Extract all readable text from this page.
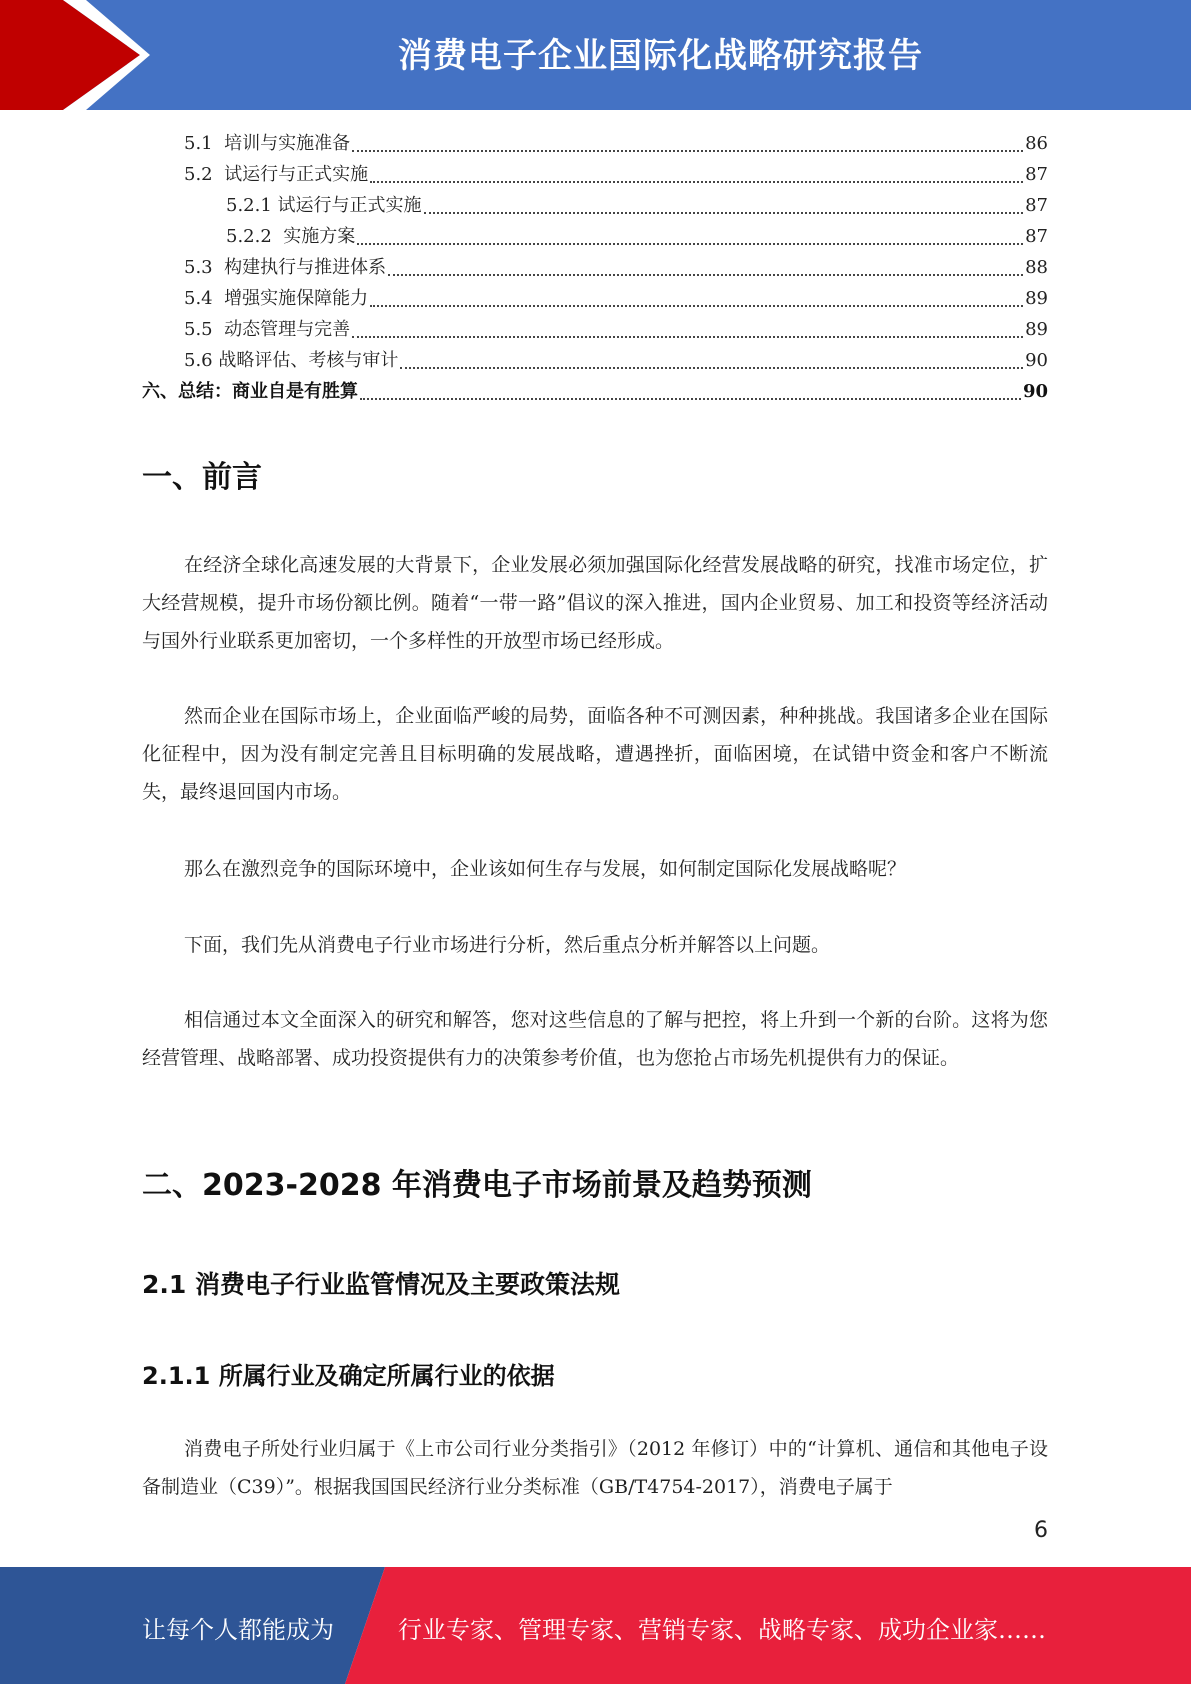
消费电子企业国际化战略研究报告
5.1 培训与实施准备	86
5.2 试运行与正式实施	87
5.2.1 试运行与正式实施	87
5.2.2 实施方案	87
5.3 构建执行与推进体系	88
5.4 增强实施保障能力	89
5.5 动态管理与完善	89
5.6 战略评估、考核与审计	90
六、总结：商业自是有胜算	90
一、前言

在经济全球化高速发展的大背景下，企业发展必须加强国际化经营发展战略的研究，找准市场定位，扩大经营规模，提升市场份额比例。随着“一带一路”倡议的深入推进，国内企业贸易、加工和投资等经济活动与国外行业联系更加密切，一个多样性的开放型市场已经形成。

然而企业在国际市场上，企业面临严峻的局势，面临各种不可测因素，种种挑战。我国诸多企业在国际化征程中，因为没有制定完善且目标明确的发展战略，遭遇挫折，面临困境，在试错中资金和客户不断流失，最终退回国内市场。

那么在激烈竞争的国际环境中，企业该如何生存与发展，如何制定国际化发展战略呢？

下面，我们先从消费电子行业市场进行分析，然后重点分析并解答以上问题。

相信通过本文全面深入的研究和解答，您对这些信息的了解与把控，将上升到一个新的台阶。这将为您经营管理、战略部署、成功投资提供有力的决策参考价值，也为您抢占市场先机提供有力的保证。

二、2023-2028 年消费电子市场前景及趋势预测
2.1 消费电子行业监管情况及主要政策法规
2.1.1 所属行业及确定所属行业的依据

消费电子所处行业归属于《上市公司行业分类指引》（2012 年修订）中的“计算机、通信和其他电子设备制造业（C39）”。根据我国国民经济行业分类标准（GB/T4754-2017），消费电子属于

6
让每个人都能成为	行业专家、管理专家、营销专家、战略专家、成功企业家……
